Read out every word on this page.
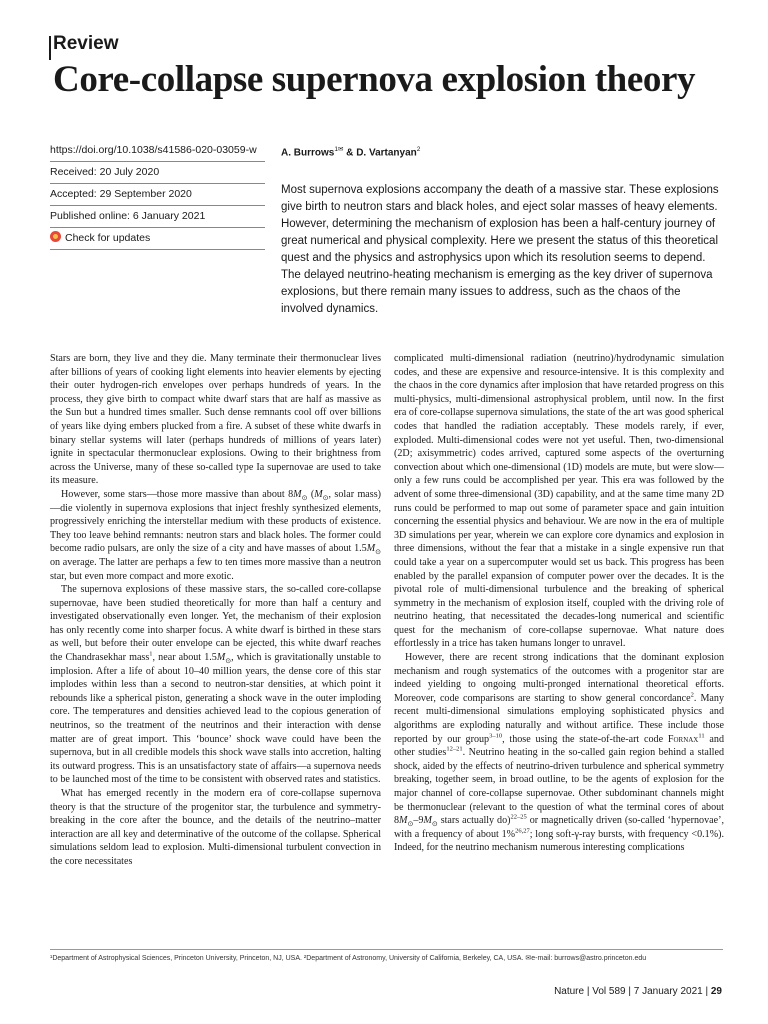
Review
Core-collapse supernova explosion theory
https://doi.org/10.1038/s41586-020-03059-w
Received: 20 July 2020
Accepted: 29 September 2020
Published online: 6 January 2021
Check for updates
A. Burrows$^{1✉}$ & D. Vartanyan$^2$
Most supernova explosions accompany the death of a massive star. These explosions give birth to neutron stars and black holes, and eject solar masses of heavy elements. However, determining the mechanism of explosion has been a half-century journey of great numerical and physical complexity. Here we present the status of this theoretical quest and the physics and astrophysics upon which its resolution seems to depend. The delayed neutrino-heating mechanism is emerging as the key driver of supernova explosions, but there remain many issues to address, such as the chaos of the involved dynamics.

Stars are born, they live and they die. Many terminate their thermonuclear lives after billions of years of cooking light elements into heavier elements by ejecting their outer hydrogen-rich envelopes over perhaps hundreds of years. In the process, they give birth to compact white dwarf stars that are half as massive as the Sun but a hundred times smaller. Such dense remnants cool off over billions of years like dying embers plucked from a fire. A subset of these white dwarfs in binary stellar systems will later (perhaps hundreds of millions of years later) ignite in spectacular thermonuclear explosions. Owing to their brightness from across the Universe, many of these so-called type Ia supernovae are used to take its measure.

However, some stars—those more massive than about $8M_⊙$ ($M_⊙$, solar mass)—die violently in supernova explosions that inject freshly synthesized elements, progressively enriching the interstellar medium with these products of existence. They too leave behind remnants: neutron stars and black holes. The former could become radio pulsars, are only the size of a city and have masses of about $1.5M_⊙$ on average. The latter are perhaps a few to ten times more massive than a neutron star, but even more compact and more exotic.

The supernova explosions of these massive stars, the so-called core-collapse supernovae, have been studied theoretically for more than half a century and investigated observationally even longer. Yet, the mechanism of their explosion has only recently come into sharper focus. A white dwarf is birthed in these stars as well, but before their outer envelope can be ejected, this white dwarf reaches the Chandrasekhar mass$^1$, near about $1.5M_⊙$, which is gravitationally unstable to implosion. After a life of about 10–40 million years, the dense core of this star implodes within less than a second to neutron-star densities, at which point it rebounds like a spherical piston, generating a shock wave in the outer imploding core. The temperatures and densities achieved lead to the copious generation of neutrinos, so the treatment of the neutrinos and their interaction with dense matter are of great import. This ‘bounce’ shock wave could have been the supernova, but in all credible models this shock wave stalls into accretion, halting its outward progress. This is an unsatisfactory state of affairs—a supernova needs to be launched most of the time to be consistent with observed rates and statistics.

What has emerged recently in the modern era of core-collapse supernova theory is that the structure of the progenitor star, the turbulence and symmetry-breaking in the core after the bounce, and the details of the neutrino–matter interaction are all key and determinative of the outcome of the collapse. Spherical simulations seldom lead to explosion. Multi-dimensional turbulent convection in the core necessitates

complicated multi-dimensional radiation (neutrino)/hydrodynamic simulation codes, and these are expensive and resource-intensive. It is this complexity and the chaos in the core dynamics after implosion that have retarded progress on this multi-physics, multi-dimensional astrophysical problem, until now. In the first era of core-collapse supernova simulations, the state of the art was good spherical codes that handled the radiation acceptably. These models rarely, if ever, exploded. Multi-dimensional codes were not yet useful. Then, two-dimensional (2D; axisymmetric) codes arrived, captured some aspects of the overturning convection about which one-dimensional (1D) models are mute, but were slow—only a few runs could be accomplished per year. This era was followed by the advent of some three-dimensional (3D) capability, and at the same time many 2D runs could be performed to map out some of parameter space and gain intuition concerning the essential physics and behaviour. We are now in the era of multiple 3D simulations per year, wherein we can explore core dynamics and explosion in three dimensions, without the fear that a mistake in a single expensive run that could take a year on a supercomputer would set us back. This progress has been enabled by the parallel expansion of computer power over the decades. It is the pivotal role of multi-dimensional turbulence and the breaking of spherical symmetry in the mechanism of explosion itself, coupled with the driving role of neutrino heating, that necessitated the decades-long numerical and scientific quest for the mechanism of core-collapse supernovae. What nature does effortlessly in a trice has taken humans longer to unravel.

However, there are recent strong indications that the dominant explosion mechanism and rough systematics of the outcomes with a progenitor star are indeed yielding to ongoing multi-pronged international theoretical efforts. Moreover, code comparisons are starting to show general concordance$^2$. Many recent multi-dimensional simulations employing sophisticated physics and algorithms are exploding naturally and without artifice. These include those reported by our group$^{3-10}$, those using the state-of-the-art code Fornax$^{11}$ and other studies$^{12-21}$. Neutrino heating in the so-called gain region behind a stalled shock, aided by the effects of neutrino-driven turbulence and spherical symmetry breaking, together seem, in broad outline, to be the agents of explosion for the major channel of core-collapse supernovae. Other subdominant channels might be thermonuclear (relevant to the question of what the terminal cores of about $8M_⊙-9M_⊙$ stars actually do)$^{22-25}$ or magnetically driven (so-called ‘hypernovae’, with a frequency of about 1%$^{26,27}$; long soft-γ-ray bursts, with frequency <0.1%). Indeed, for the neutrino mechanism numerous interesting complications

¹Department of Astrophysical Sciences, Princeton University, Princeton, NJ, USA. ²Department of Astronomy, University of California, Berkeley, CA, USA. ✉e-mail: burrows@astro.princeton.edu
Nature | Vol 589 | 7 January 2021 | 29
